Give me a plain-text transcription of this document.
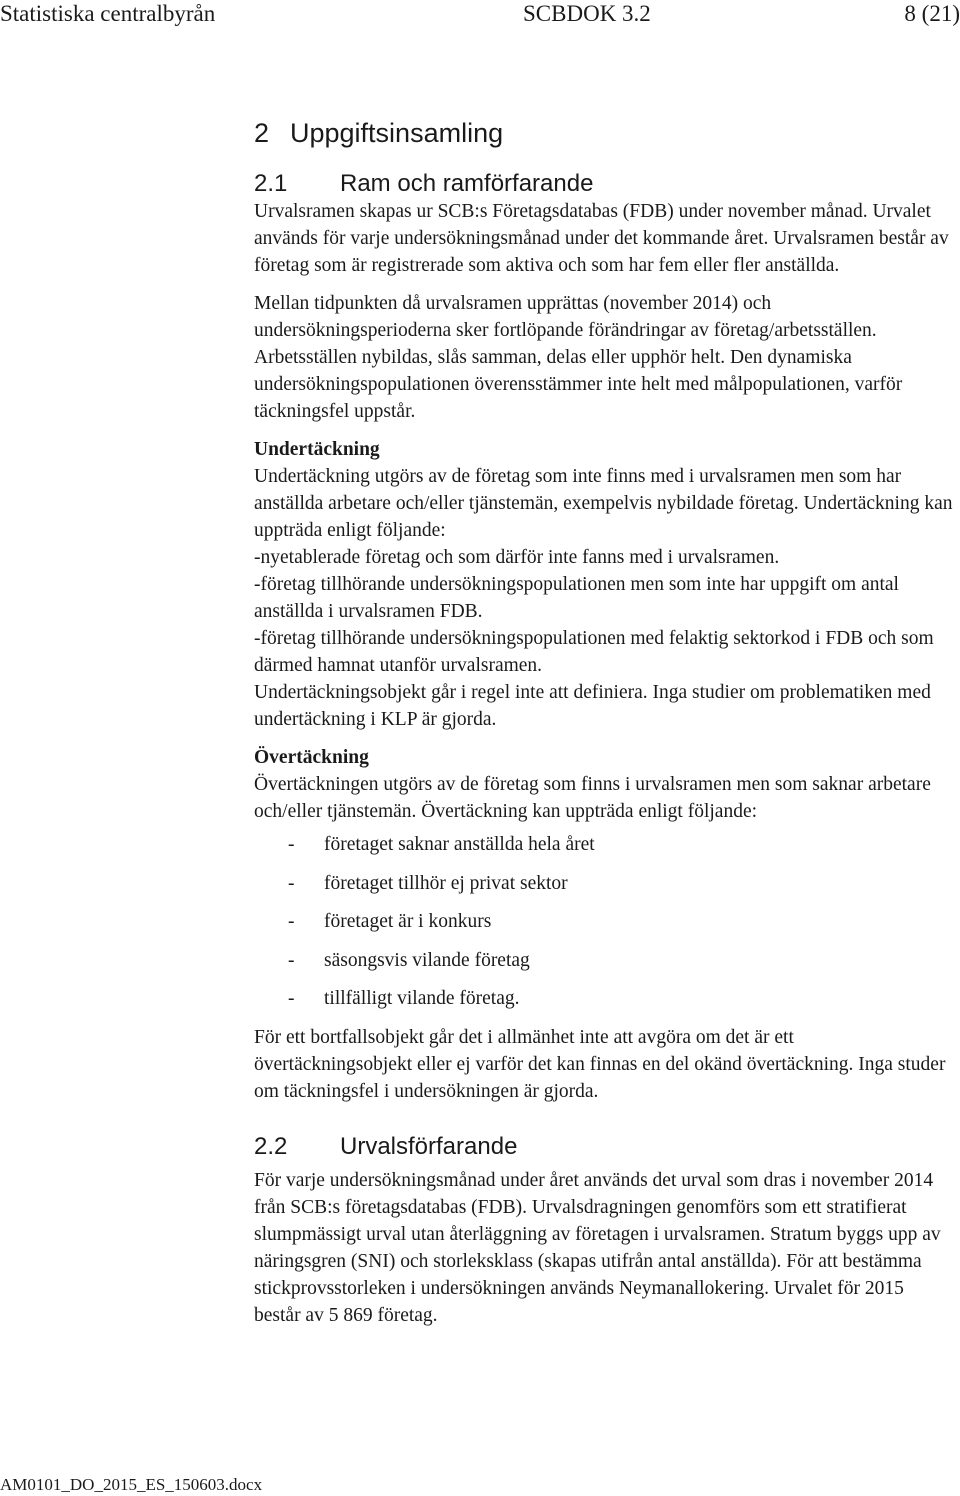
Statistiska centralbyrån	SCBDOK 3.2	8 (21)
2 Uppgiftsinsamling
2.1	Ram och ramförfarande

Urvalsramen skapas ur SCB:s Företagsdatabas (FDB) under november månad. Urvalet används för varje undersökningsmånad under det kommande året. Urvalsramen består av företag som är registrerade som aktiva och som har fem eller fler anställda.

Mellan tidpunkten då urvalsramen upprättas (november 2014) och undersökningsperioderna sker fortlöpande förändringar av företag/arbetsställen. Arbetsställen nybildas, slås samman, delas eller upphör helt. Den dynamiska undersökningspopulationen överensstämmer inte helt med målpopulationen, varför täckningsfel uppstår.

Undertäckning

Undertäckning utgörs av de företag som inte finns med i urvalsramen men som har anställda arbetare och/eller tjänstemän, exempelvis nybildade företag. Undertäckning kan uppträda enligt följande:

-nyetablerade företag och som därför inte fanns med i urvalsramen.

-företag tillhörande undersökningspopulationen men som inte har uppgift om antal anställda i urvalsramen FDB.

-företag tillhörande undersökningspopulationen med felaktig sektorkod i FDB och som därmed hamnat utanför urvalsramen.

Undertäckningsobjekt går i regel inte att definiera. Inga studier om problematiken med undertäckning i KLP är gjorda.

Övertäckning

Övertäckningen utgörs av de företag som finns i urvalsramen men som saknar arbetare och/eller tjänstemän. Övertäckning kan uppträda enligt följande:

-	företaget saknar anställda hela året
-	företaget tillhör ej privat sektor
-	företaget är i konkurs
-	säsongsvis vilande företag
-	tillfälligt vilande företag.

För ett bortfallsobjekt går det i allmänhet inte att avgöra om det är ett övertäckningsobjekt eller ej varför det kan finnas en del okänd övertäckning. Inga studer om täckningsfel i undersökningen är gjorda.

2.2	Urvalsförfarande

För varje undersökningsmånad under året används det urval som dras i november 2014 från SCB:s företagsdatabas (FDB). Urvalsdragningen genomförs som ett stratifierat slumpmässigt urval utan återläggning av företagen i urvalsramen. Stratum byggs upp av näringsgren (SNI) och storleksklass (skapas utifrån antal anställda). För att bestämma stickprovsstorleken i undersökningen används Neymanallokering. Urvalet för 2015 består av 5 869 företag.

AM0101_DO_2015_ES_150603.docx
